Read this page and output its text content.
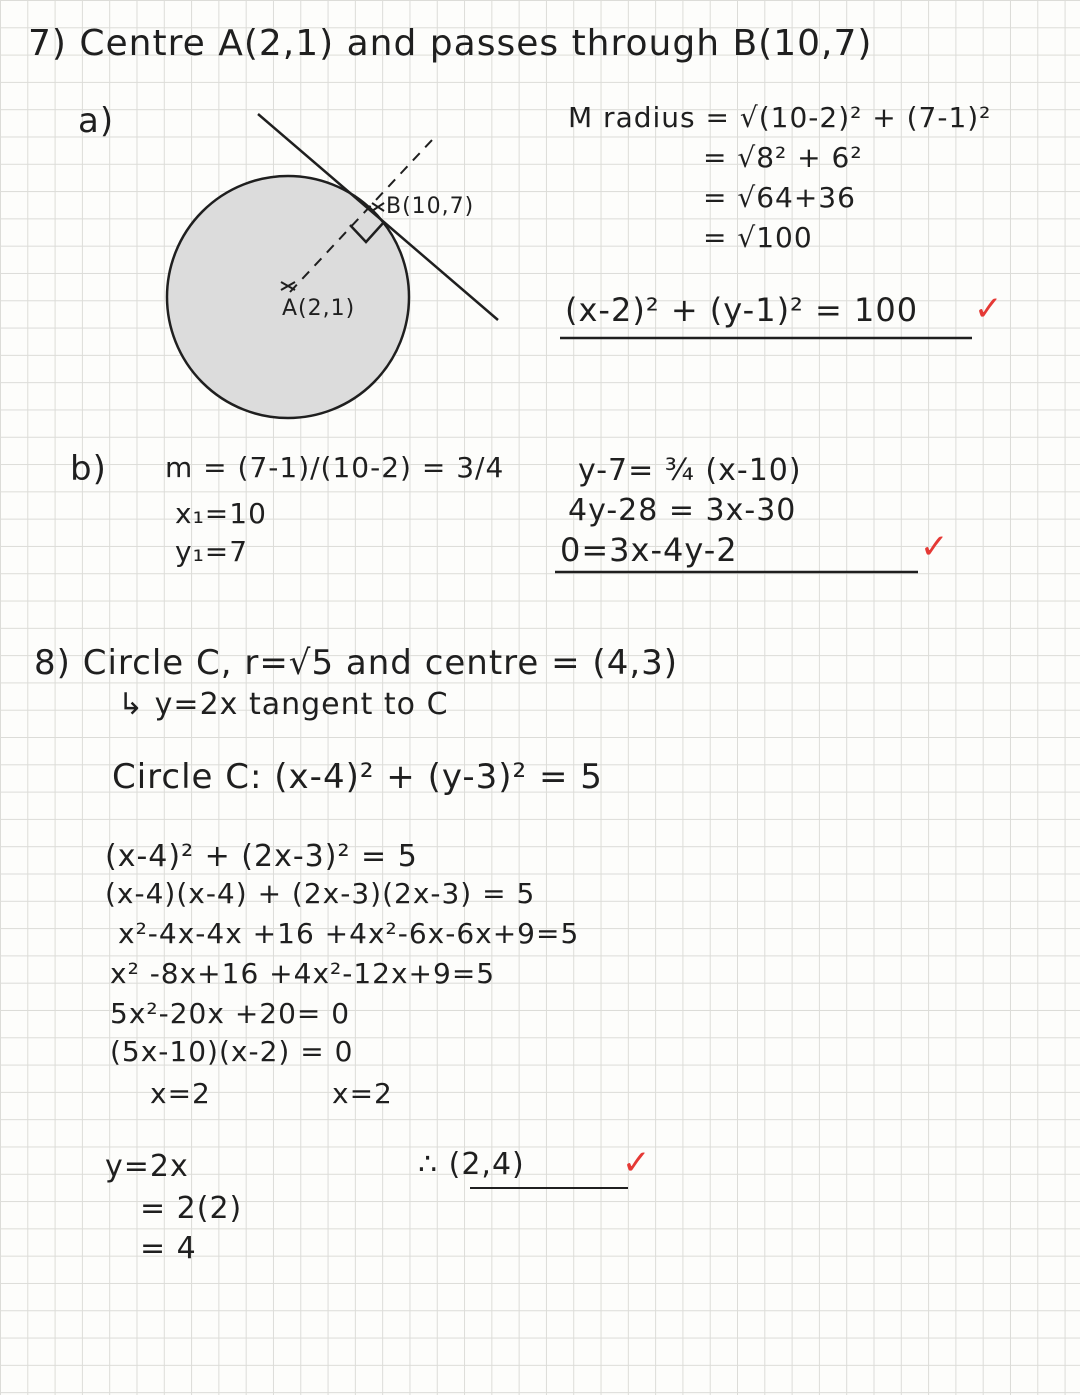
7) Centre A(2,1) and passes through B(10,7)
a)
B(10,7)
A(2,1)
M radius = √(10-2)² + (7-1)²
= √8² + 6²
= √64+36
= √100
(x-2)² + (y-1)² = 100 ✓
b) m = (7-1)/(10-2) = 3/4
x₁=10
y₁=7
y-7= ¾ (x-10)
4y-28 = 3x-30
0=3x-4y-2	✓
8) Circle C, r=√5 and centre = (4,3)
↳ y=2x tangent to C
Circle C: (x-4)² + (y-3)² = 5
(x-4)² + (2x-3)² = 5
(x-4)(x-4) + (2x-3)(2x-3) = 5
x²-4x-4x +16 +4x²-6x-6x+9=5
x² -8x+16 +4x²-12x+9=5
5x²-20x +20= 0
(5x-10)(x-2) = 0
x=2	x=2
y=2x
= 2(2)
= 4
∴ (2,4)	✓
